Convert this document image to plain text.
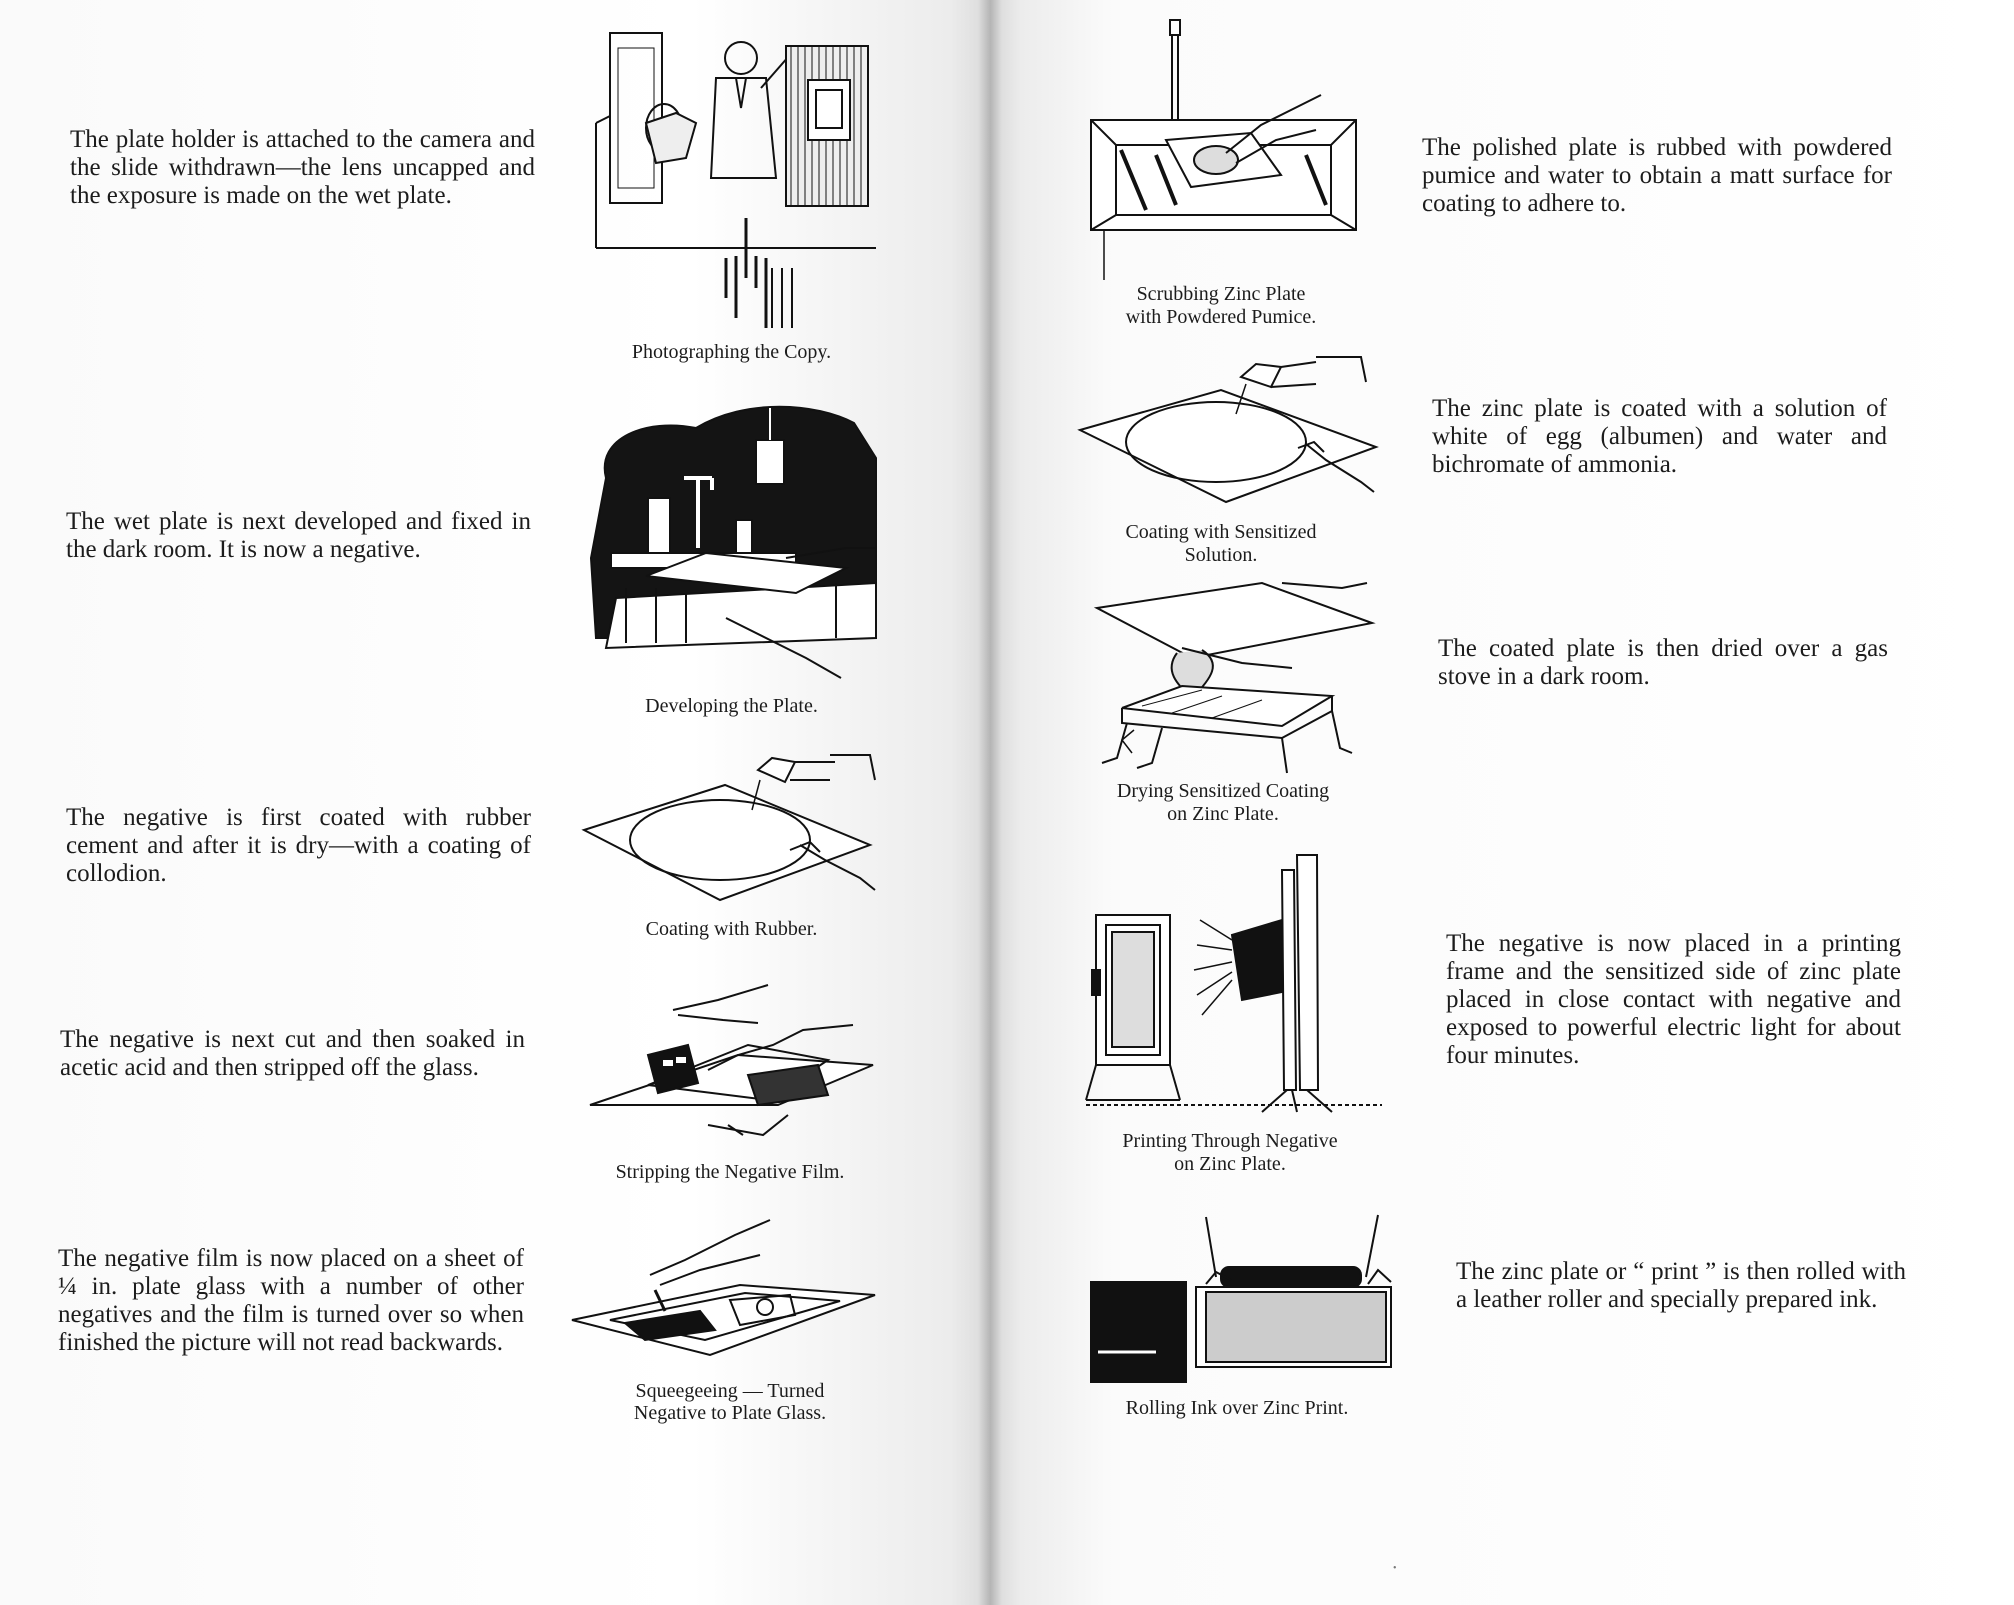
The plate holder is attached to the camera and the slide withdrawn—the lens uncapped and the exposure is made on the wet plate.

Photographing the Copy.

The wet plate is next developed and fixed in the dark room. It is now a negative.

Developing the Plate.

The negative is first coated with rubber cement and after it is dry—with a coating of collodion.

Coating with Rubber.

The negative is next cut and then soaked in acetic acid and then stripped off the glass.

Stripping the Negative Film.

The negative film is now placed on a sheet of ¼ in. plate glass with a number of other negatives and the film is turned over so when finished the picture will not read backwards.

Squeegeeing — Turned

Negative to Plate Glass.

Scrubbing Zinc Plate

with Powdered Pumice.

The polished plate is rubbed with powdered pumice and water to obtain a matt surface for coating to adhere to.

Coating with Sensitized

Solution.

The zinc plate is coated with a solution of white of egg (albumen) and water and bichromate of ammonia.

Drying Sensitized Coating

on Zinc Plate.

The coated plate is then dried over a gas stove in a dark room.

Printing Through Negative

on Zinc Plate.

The negative is now placed in a printing frame and the sensitized side of zinc plate placed in close contact with negative and exposed to powerful electric light for about four minutes.

Rolling Ink over Zinc Print.

The zinc plate or “ print ” is then rolled with a leather roller and specially prepared ink.

•
